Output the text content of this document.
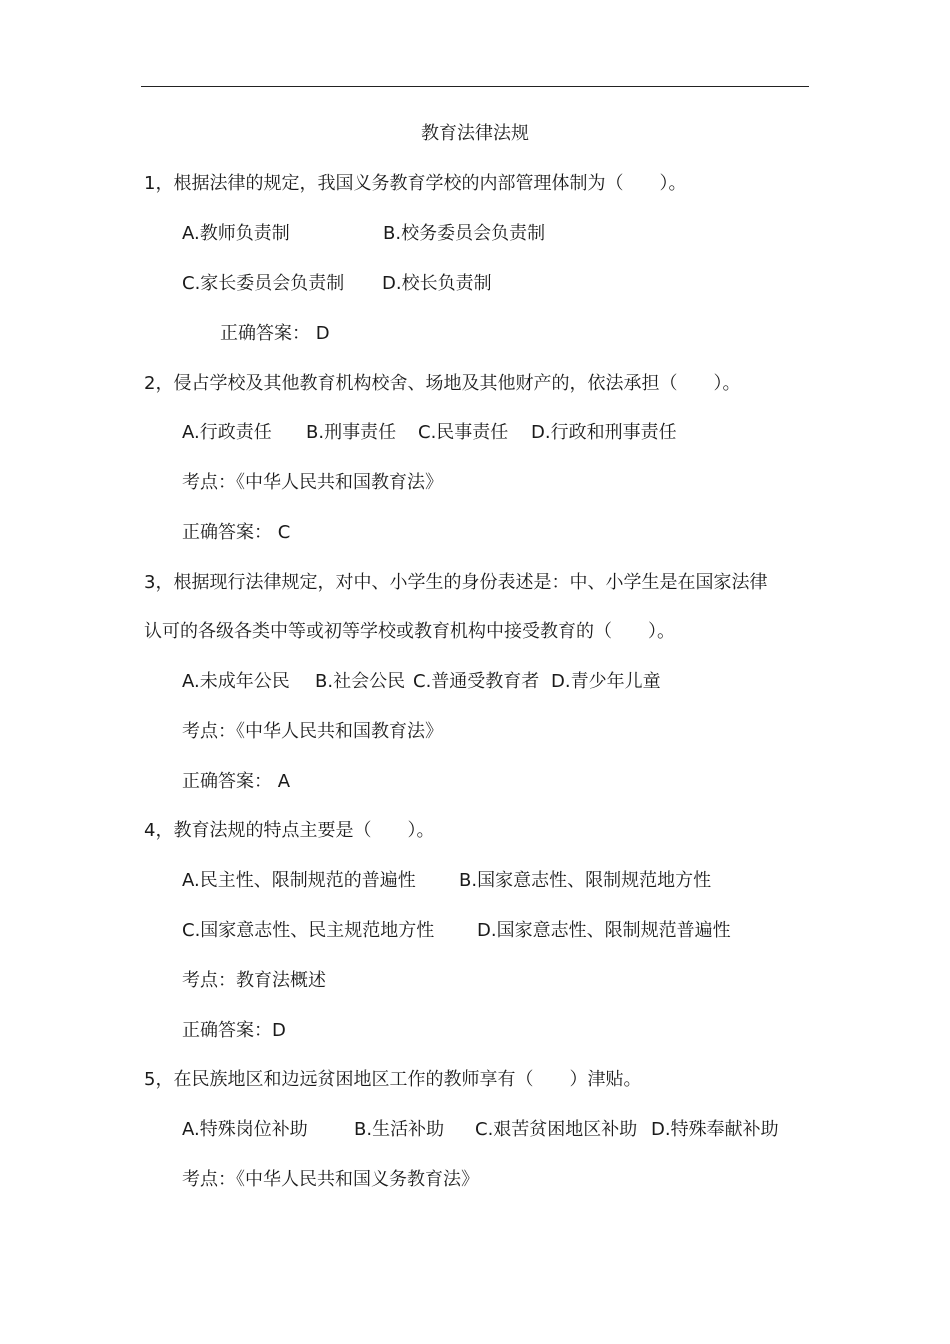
教育法律法规
1，根据法律的规定，我国义务教育学校的内部管理体制为（　　）。
A.教师负责制	B.校务委员会负责制
C.家长委员会负责制 D.校长负责制
正确答案： D
2，侵占学校及其他教育机构校舍、场地及其他财产的，依法承担（　　）。
A.行政责任 B.刑事责任 C.民事责任 D.行政和刑事责任
考点：《中华人民共和国教育法》
正确答案： C
3，根据现行法律规定，对中、小学生的身份表述是：中、小学生是在国家法律
认可的各级各类中等或初等学校或教育机构中接受教育的（　　）。
A.未成年公民 B.社会公民 C.普通受教育者 D.青少年儿童
考点：《中华人民共和国教育法》
正确答案： A
4，教育法规的特点主要是（　　）。
A.民主性、限制规范的普遍性 B.国家意志性、限制规范地方性
C.国家意志性、民主规范地方性 D.国家意志性、限制规范普遍性
考点：教育法概述
正确答案：D
5，在民族地区和边远贫困地区工作的教师享有（　　）津贴。
A.特殊岗位补助	B.生活补助 C.艰苦贫困地区补助 D.特殊奉献补助
考点：《中华人民共和国义务教育法》
